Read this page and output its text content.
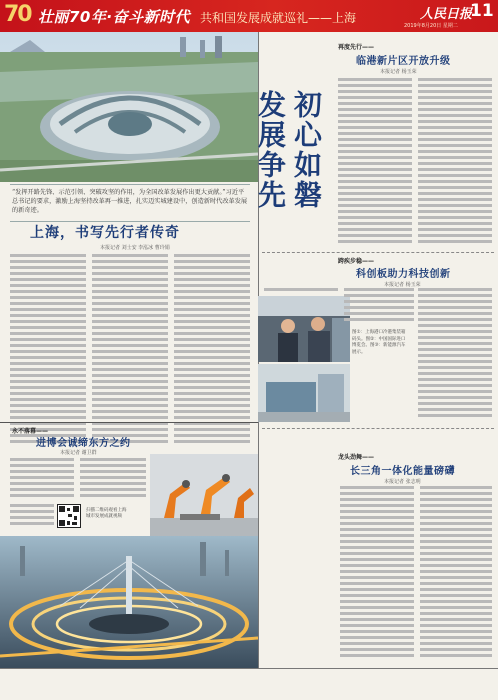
70 壮丽70年·奋斗新时代 共和国发展成就巡礼——上海	人民日报
11
2019年8月20日 星期二
“发挥开路先锋、示范引领、突破攻坚的作用，为全国改革发展作出更大贡献。”习近平总书记的要求，激励上海坚持改革再一推进，扎实迈实城建设中，创造新时代改革发展的新奇迹。
上海，书写先行者传奇
本报记者 刘士安 李泓冰 曹玲娟
永不落幕——
进博会诚缔东方之约
本报记者 谢卫群
扫描二维码观看上海
城市发展成就视频
初心如磐
发展争先
再度先行——
临港新片区开放升级
本报记者 杨玉荣
跨疾步稳——
科创板助力科技创新
本报记者 杨玉荣
图①：上海港口冷港集装箱码头。图②：中国国际进口博览会。图③：新能源汽车展示。
龙头劲舞——
长三角一体化能量磅礴
本报记者 张志明
